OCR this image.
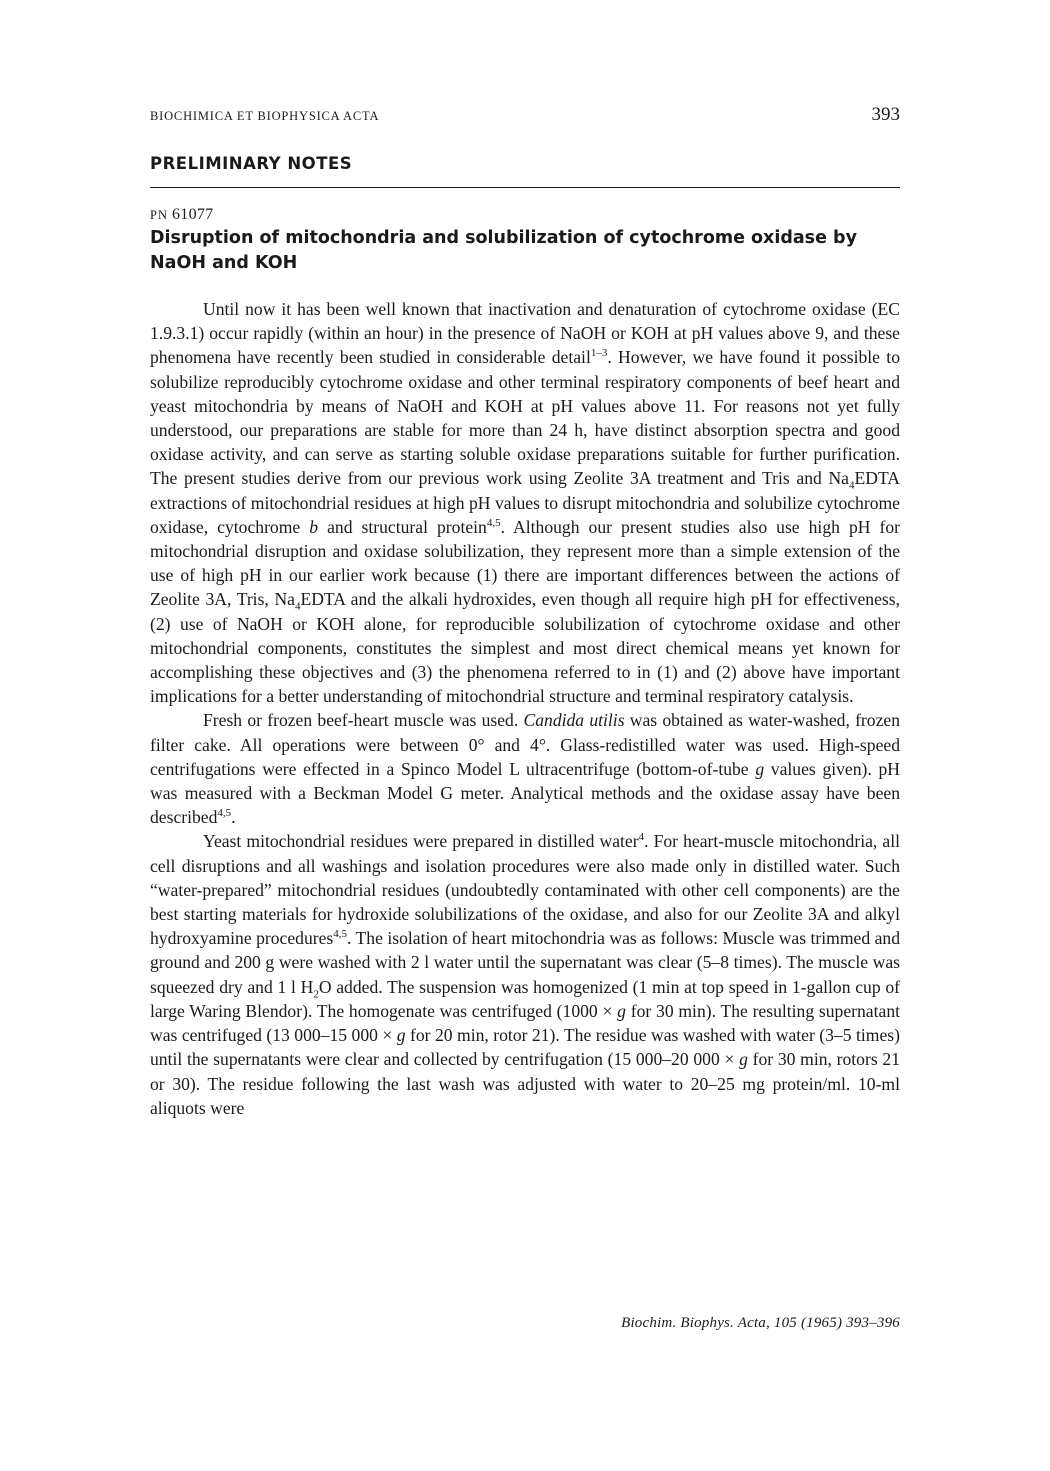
BIOCHIMICA ET BIOPHYSICA ACTA	393
PRELIMINARY NOTES
PN 61077
Disruption of mitochondria and solubilization of cytochrome oxidase by NaOH and KOH

Until now it has been well known that inactivation and denaturation of cytochrome oxidase (EC 1.9.3.1) occur rapidly (within an hour) in the presence of NaOH or KOH at pH values above 9, and these phenomena have recently been studied in considerable detail$^{1-3}$. However, we have found it possible to solubilize reproducibly cytochrome oxidase and other terminal respiratory components of beef heart and yeast mitochondria by means of NaOH and KOH at pH values above 11. For reasons not yet fully understood, our preparations are stable for more than 24 h, have distinct absorption spectra and good oxidase activity, and can serve as starting soluble oxidase preparations suitable for further purification. The present studies derive from our previous work using Zeolite 3A treatment and Tris and $Na_4EDTA$ extractions of mitochondrial residues at high pH values to disrupt mitochondria and solubilize cytochrome oxidase, cytochrome b and structural protein$^{4,5}$. Although our present studies also use high pH for mitochondrial disruption and oxidase solubilization, they represent more than a simple extension of the use of high pH in our earlier work because (1) there are important differences between the actions of Zeolite 3A, Tris, $Na_4EDTA$ and the alkali hydroxides, even though all require high pH for effectiveness, (2) use of NaOH or KOH alone, for reproducible solubilization of cytochrome oxidase and other mitochondrial components, constitutes the simplest and most direct chemical means yet known for accomplishing these objectives and (3) the phenomena referred to in (1) and (2) above have important implications for a better understanding of mitochondrial structure and terminal respiratory catalysis.

Fresh or frozen beef-heart muscle was used. Candida utilis was obtained as water-washed, frozen filter cake. All operations were between 0° and 4°. Glass-redistilled water was used. High-speed centrifugations were effected in a Spinco Model L ultracentrifuge (bottom-of-tube g values given). pH was measured with a Beckman Model G meter. Analytical methods and the oxidase assay have been described$^{4,5}$.

Yeast mitochondrial residues were prepared in distilled water$^4$. For heart-muscle mitochondria, all cell disruptions and all washings and isolation procedures were also made only in distilled water. Such “water-prepared” mitochondrial residues (undoubtedly contaminated with other cell components) are the best starting materials for hydroxide solubilizations of the oxidase, and also for our Zeolite 3A and alkyl hydroxyamine procedures$^{4,5}$. The isolation of heart mitochondria was as follows: Muscle was trimmed and ground and 200 g were washed with 2 l water until the supernatant was clear (5–8 times). The muscle was squeezed dry and 1 l $H_2O$ added. The suspension was homogenized (1 min at top speed in 1-gallon cup of large Waring Blendor). The homogenate was centrifuged (1000 × g for 30 min). The resulting supernatant was centrifuged (13 000–15 000 × g for 20 min, rotor 21). The residue was washed with water (3–5 times) until the supernatants were clear and collected by centrifugation (15 000–20 000 × g for 30 min, rotors 21 or 30). The residue following the last wash was adjusted with water to 20–25 mg protein/ml. 10-ml aliquots were

Biochim. Biophys. Acta, 105 (1965) 393–396
